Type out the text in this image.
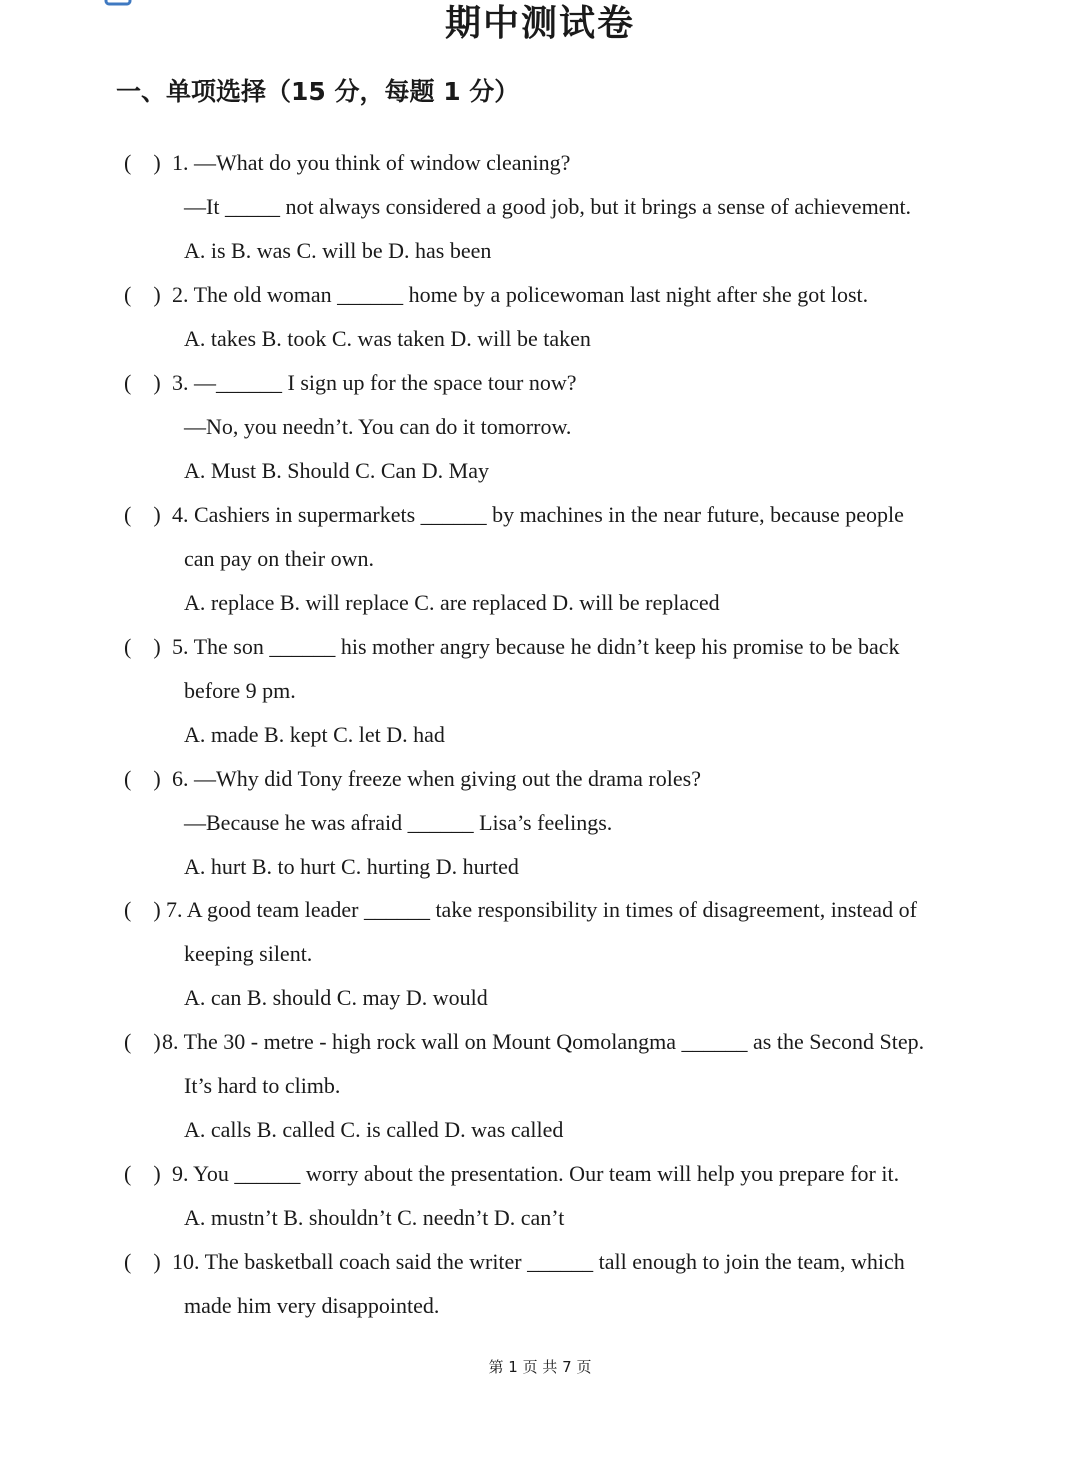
期中测试卷
一、单项选择（15 分，每题 1 分）
(    ) 1. —What do you think of window cleaning?
—It _____ not always considered a good job, but it brings a sense of achievement.
A. is B. was C. will be D. has been
(    ) 2. The old woman ______ home by a policewoman last night after she got lost.
A. takes B. took C. was taken D. will be taken
(    ) 3. —______ I sign up for the space tour now?
—No, you needn’t. You can do it tomorrow.
A. Must B. Should C. Can D. May
(    ) 4. Cashiers in supermarkets ______ by machines in the near future, because people
can pay on their own.
A. replace B. will replace C. are replaced D. will be replaced
(    ) 5. The son ______ his mother angry because he didn’t keep his promise to be back
before 9 pm.
A. made B. kept C. let D. had
(    ) 6. —Why did Tony freeze when giving out the drama roles?
—Because he was afraid ______ Lisa’s feelings.
A. hurt B. to hurt C. hurting D. hurted
(    ) 7. A good team leader ______ take responsibility in times of disagreement, instead of
keeping silent.
A. can B. should C. may D. would
(    ) 8. The 30 - metre - high rock wall on Mount Qomolangma ______ as the Second Step.
It’s hard to climb.
A. calls B. called C. is called D. was called
(    ) 9. You ______ worry about the presentation. Our team will help you prepare for it.
A. mustn’t B. shouldn’t C. needn’t D. can’t
(    ) 10. The basketball coach said the writer ______ tall enough to join the team, which
made him very disappointed.
第 1 页 共 7 页
